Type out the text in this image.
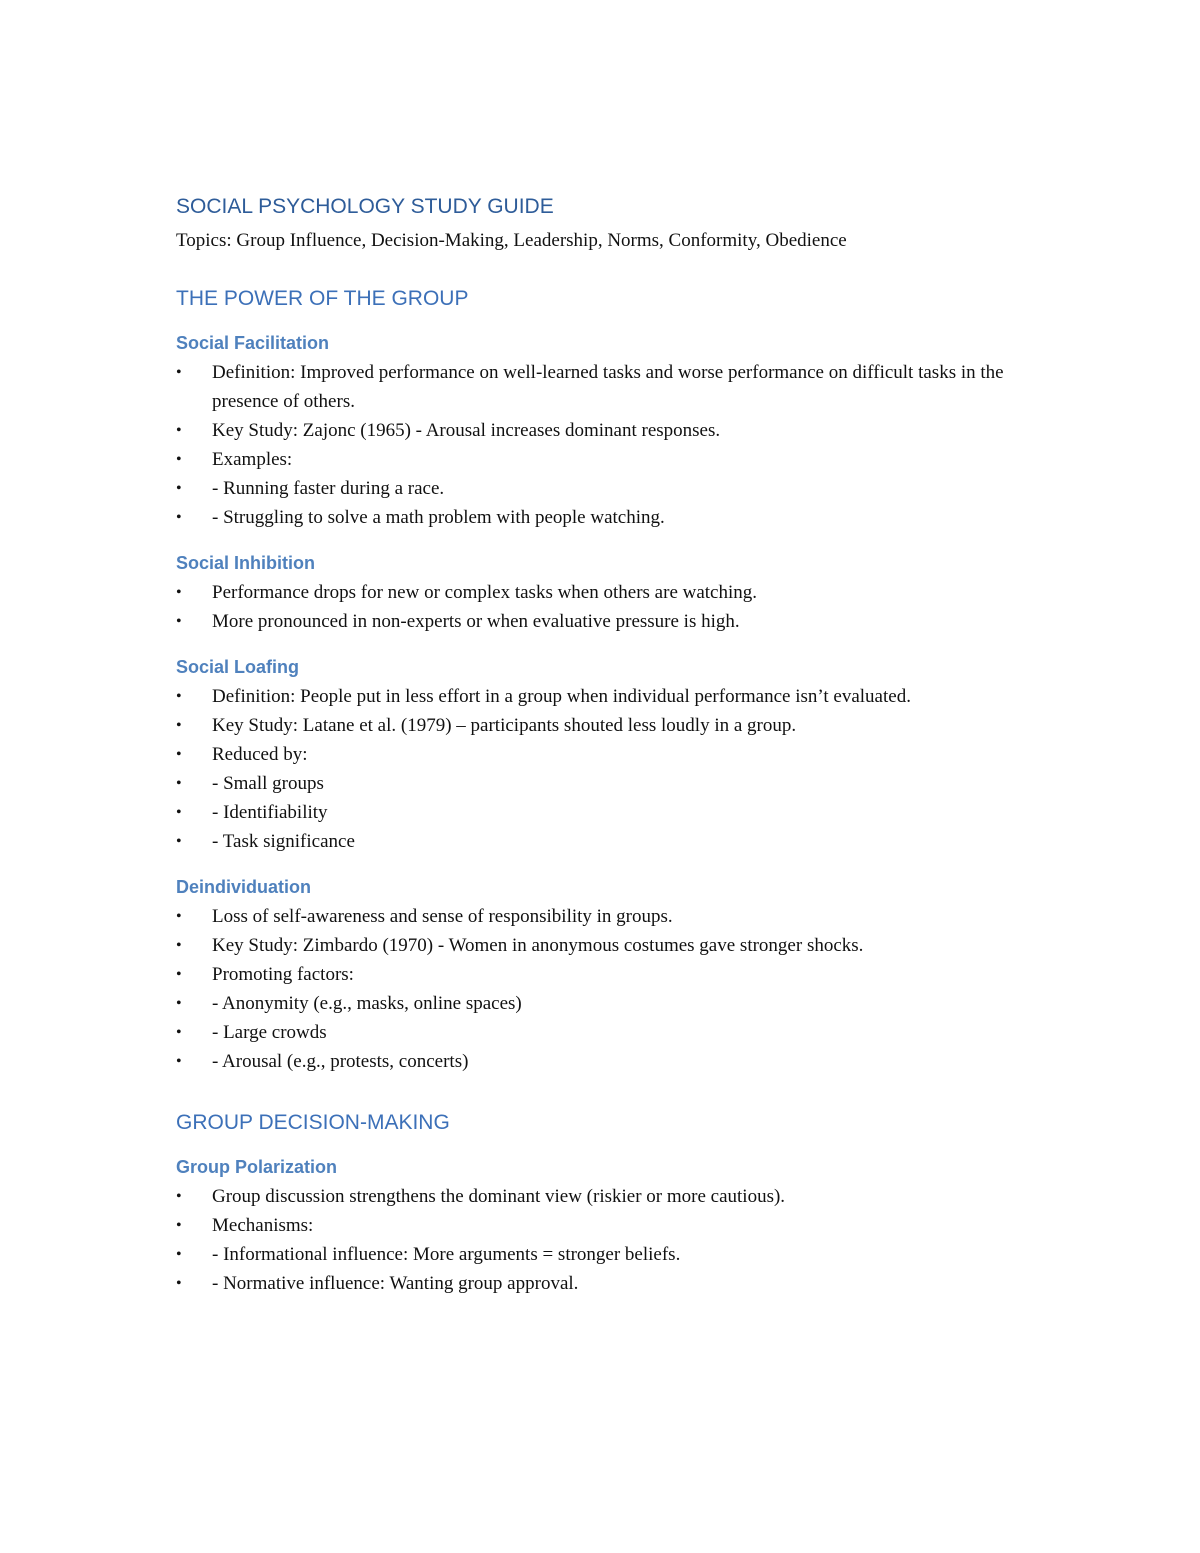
SOCIAL PSYCHOLOGY STUDY GUIDE

Topics: Group Influence, Decision-Making, Leadership, Norms, Conformity, Obedience

THE POWER OF THE GROUP
Social Facilitation
• Definition: Improved performance on well-learned tasks and worse performance on difficult tasks in the presence of others.
• Key Study: Zajonc (1965) - Arousal increases dominant responses.
• Examples:
• - Running faster during a race.
• - Struggling to solve a math problem with people watching.
Social Inhibition
• Performance drops for new or complex tasks when others are watching.
• More pronounced in non-experts or when evaluative pressure is high.
Social Loafing
• Definition: People put in less effort in a group when individual performance isn’t evaluated.
• Key Study: Latane et al. (1979) – participants shouted less loudly in a group.
• Reduced by:
• - Small groups
• - Identifiability
• - Task significance
Deindividuation
• Loss of self-awareness and sense of responsibility in groups.
• Key Study: Zimbardo (1970) - Women in anonymous costumes gave stronger shocks.
• Promoting factors:
• - Anonymity (e.g., masks, online spaces)
• - Large crowds
• - Arousal (e.g., protests, concerts)
GROUP DECISION-MAKING
Group Polarization
• Group discussion strengthens the dominant view (riskier or more cautious).
• Mechanisms:
• - Informational influence: More arguments = stronger beliefs.
• - Normative influence: Wanting group approval.
